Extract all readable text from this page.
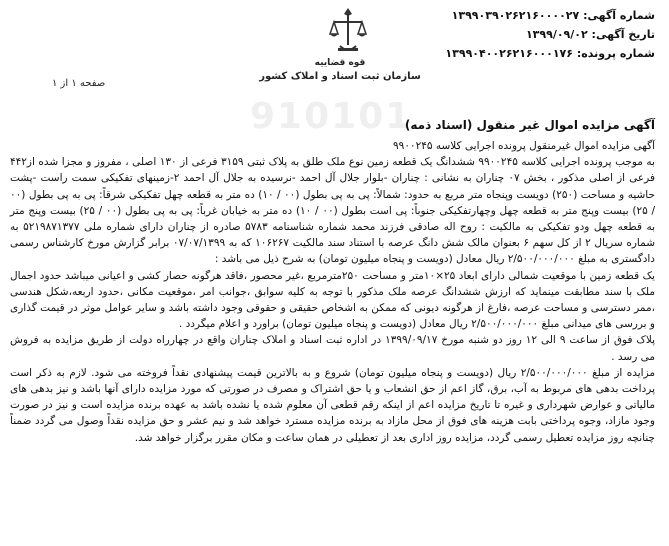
شماره آگهی: ۱۳۹۹۰۳۹۰۲۶۲۱۶۰۰۰۰۲۷
تاریخ آگهی: ۱۳۹۹/۰۹/۰۲
شماره پرونده: ۱۳۹۹۰۴۰۰۲۶۲۱۶۰۰۰۱۷۶
قوه قضاییه
سازمان ثبت اسناد و املاک کشور
صفحه ۱ از ۱
910101
آگهی مزایده اموال غیر منقول (اسناد ذمه)

آگهی مزایده اموال غیرمنقول پرونده اجرایی کلاسه ۹۹۰۰۲۴۵

به موجب پرونده اجرایی کلاسه ۹۹۰۰۲۴۵ ششدانگ یک قطعه زمین نوع ملک طلق به پلاک ثبتی ۳۱۵۹ فرعی از ۱۳۰ اصلی ، مفروز و مجزا شده از۴۴۲ فرعی از اصلی مذکور ، بخش ۰۷ چناران به نشانی : چناران -بلوار جلال آل احمد -نرسیده به جلال آل احمد ۲-زمینهای تفکیکی سمت راست -پشت حاشیه و مساحت (۲۵۰) دویست وپنجاه متر مربع به حدود: شمالاً: پی به پی بطول (۰۰ / ۱۰) ده متر به قطعه چهل تفکیکی شرقاً: پی به پی بطول (۰۰ / ۲۵) بیست وپنج متر به قطعه چهل وچهارتفکیکی جنوباً: پی است بطول (۰۰ / ۱۰) ده متر به خیابان غرباً: پی به پی بطول (۰۰ / ۲۵) بیست وپنج متر به قطعه چهل ودو تفکیکی به مالکیت : روح اله صادقی فرزند محمد شماره شناسنامه ۵۷۸۳ صادره از چناران دارای شماره ملی ۵۲۱۹۸۷۱۳۷۷ به شماره سریال ۲ از کل سهم ۶ بعنوان مالک شش دانگ عرصه با استناد سند مالکیت ۱۰۶۲۶۷ که به ۰۷/۰۷/۱۳۹۹ برابر گزارش مورخ کارشناس رسمی دادگستری به مبلغ ۲/۵۰۰/۰۰۰/۰۰۰ ریال معادل (دویست و پنجاه میلیون تومان) به شرح ذیل می باشد :

یک قطعه زمین با موقعیت شمالی دارای ابعاد ۲۵×۱۰متر و مساحت ۲۵۰مترمربع ،غیر محصور ،فاقد هرگونه حصار کشی و اعیانی میباشد حدود اجمال ملک با سند مطابقت مینماید که ارزش ششدانگ عرصه ملک مذکور با توجه به کلیه سوابق ،جوانب امر ،موقعیت مکانی ،حدود اربعه،شکل هندسی ،ممر دسترسی و مساحت عرصه ،فارغ از هرگونه دیونی که ممکن به اشخاص حقیقی و حقوقی وجود داشته باشد و سایر عوامل موثر در قیمت گذاری و بررسی های میدانی مبلغ ۲/۵۰۰/۰۰۰/۰۰۰ ریال معادل (دویست و پنجاه میلیون تومان) براورد و اعلام میگردد .

پلاک فوق از ساعت ۹ الی ۱۲ روز دو شنبه مورخ ۱۳۹۹/۰۹/۱۷ در اداره ثبت اسناد و املاک چناران واقع در چهارراه دولت از طریق مزایده به فروش می رسد .

مزایده از مبلغ ۲/۵۰۰/۰۰۰/۰۰۰ ریال (دویست و پنجاه میلیون تومان) شروع و به بالاترین قیمت پیشنهادی نقداً فروخته می شود. لازم به ذکر است پرداخت بدهی های مربوط به آب، برق، گاز اعم از حق انشعاب و یا حق اشتراک و مصرف در صورتی که مورد مزایده دارای آنها باشد و نیز بدهی های مالیاتی و عوارض شهرداری و غیره تا تاریخ مزایده اعم از اینکه رقم قطعی آن معلوم شده یا نشده باشد به عهده برنده مزایده است و نیز در صورت وجود مازاد، وجوه پرداختی بابت هزینه های فوق از محل مازاد به برنده مزایده مسترد خواهد شد و نیم عشر و حق مزایده نقداً وصول می گردد ضمناً چنانچه روز مزایده تعطیل رسمی گردد، مزایده روز اداری بعد از تعطیلی در همان ساعت و مکان مقرر برگزار خواهد شد.
